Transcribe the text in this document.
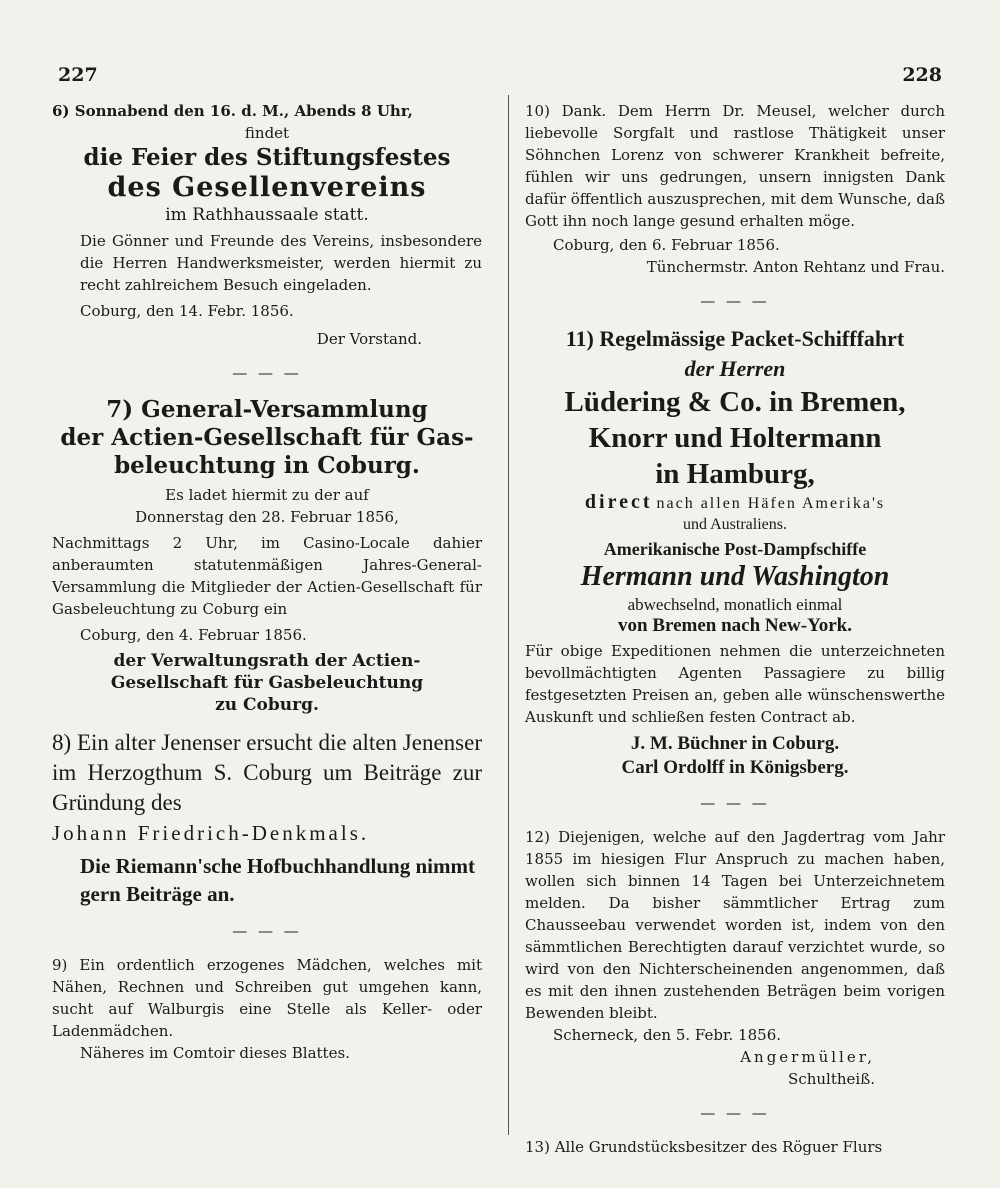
227	228

6) Sonnabend den 16. d. M., Abends 8 Uhr,

findet

die Feier des Stiftungsfestes

des Gesellenvereins

im Rathhaussaale statt.

Die Gönner und Freunde des Vereins, insbesondere die Herren Handwerksmeister, werden hiermit zu recht zahlreichem Besuch eingeladen.

Coburg, den 14. Febr. 1856.

Der Vorstand.

— — —

7) General-Versammlung

der Actien-Gesellschaft für Gas-

beleuchtung in Coburg.

Es ladet hiermit zu der auf

Donnerstag den 28. Februar 1856,

Nachmittags 2 Uhr, im Casino-Locale dahier anberaumten statutenmäßigen Jahres-General-Versammlung die Mitglieder der Actien-Gesellschaft für Gasbeleuchtung zu Coburg ein

Coburg, den 4. Februar 1856.

der Verwaltungsrath der Actien-

Gesellschaft für Gasbeleuchtung

zu Coburg.

8) Ein alter Jenenser ersucht die alten Jenenser im Herzogthum S. Coburg um Beiträge zur Gründung des

Johann Friedrich-Denkmals.

Die Riemann'sche Hofbuchhandlung nimmt gern Beiträge an.

— — —

9) Ein ordentlich erzogenes Mädchen, welches mit Nähen, Rechnen und Schreiben gut umgehen kann, sucht auf Walburgis eine Stelle als Keller- oder Ladenmädchen.

Näheres im Comtoir dieses Blattes.

10) Dank. Dem Herrn Dr. Meusel, welcher durch liebevolle Sorgfalt und rastlose Thätigkeit unser Söhnchen Lorenz von schwerer Krankheit befreite, fühlen wir uns gedrungen, unsern innigsten Dank dafür öffentlich auszusprechen, mit dem Wunsche, daß Gott ihn noch lange gesund erhalten möge.

Coburg, den 6. Februar 1856.

Tünchermstr. Anton Rehtanz und Frau.

— — —

11) Regelmässige Packet-Schifffahrt

der Herren

Lüdering & Co. in Bremen,

Knorr und Holtermann

in Hamburg,

direct nach allen Häfen Amerika's

und Australiens.

Amerikanische Post-Dampfschiffe

Hermann und Washington

abwechselnd, monatlich einmal

von Bremen nach New-York.

Für obige Expeditionen nehmen die unterzeichneten bevollmächtigten Agenten Passagiere zu billig festgesetzten Preisen an, geben alle wünschenswerthe Auskunft und schließen festen Contract ab.

J. M. Büchner in Coburg.

Carl Ordolff in Königsberg.

— — —

12) Diejenigen, welche auf den Jagdertrag vom Jahr 1855 im hiesigen Flur Anspruch zu machen haben, wollen sich binnen 14 Tagen bei Unterzeichnetem melden. Da bisher sämmtlicher Ertrag zum Chausseebau verwendet worden ist, indem von den sämmtlichen Berechtigten darauf verzichtet wurde, so wird von den Nichterscheinenden angenommen, daß es mit den ihnen zustehenden Beträgen beim vorigen Bewenden bleibt.

Scherneck, den 5. Febr. 1856.

Angermüller,

Schultheiß.

— — —

13) Alle Grundstücksbesitzer des Röguer Flurs
